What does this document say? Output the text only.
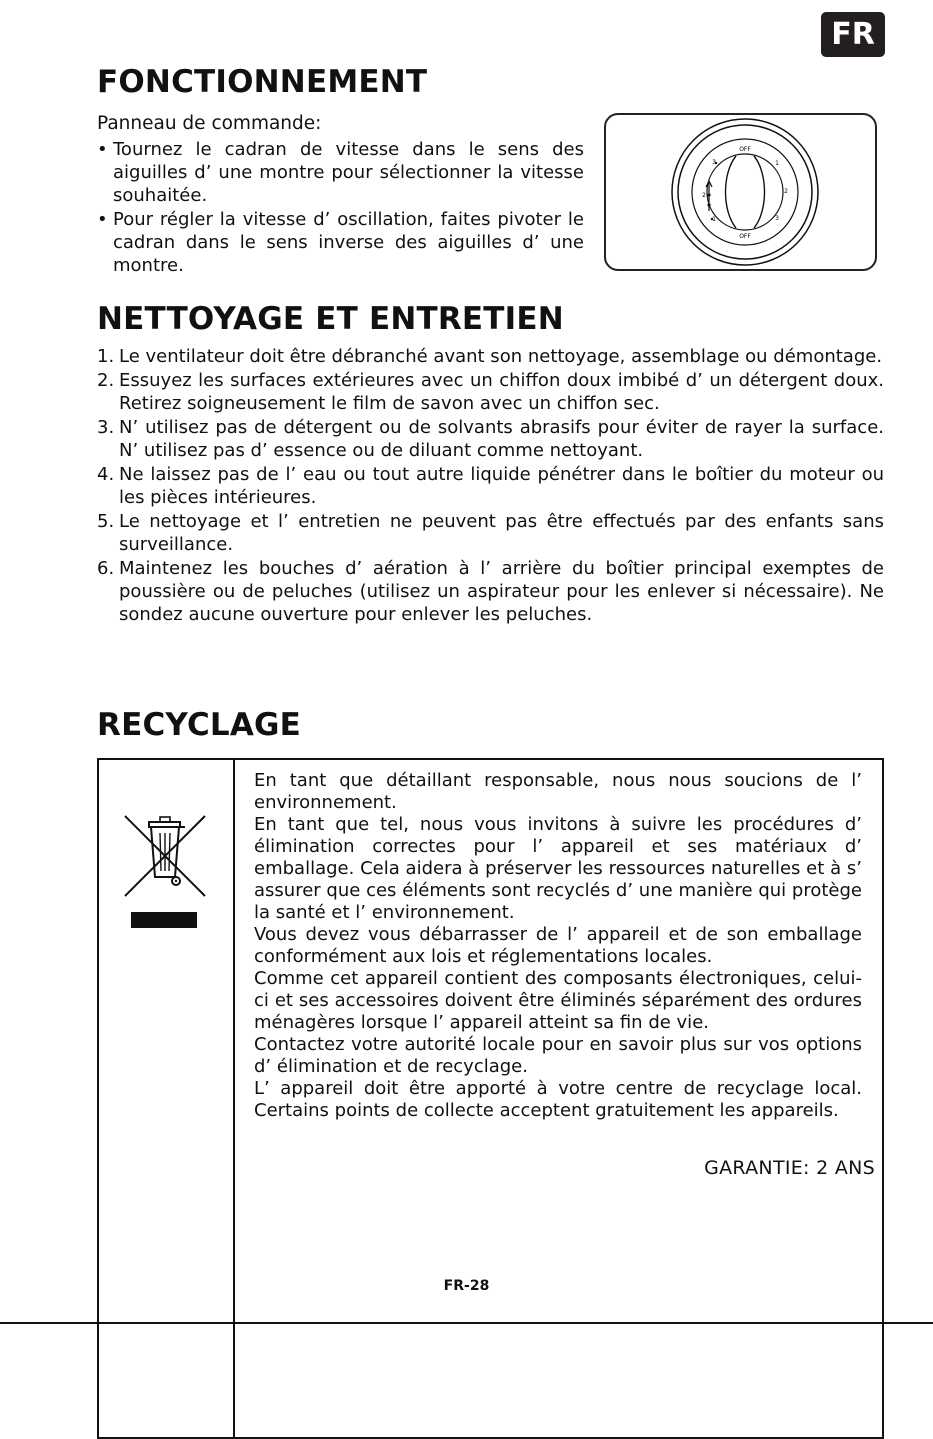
FR
FONCTIONNEMENT
Panneau de commande:
• Tournez le cadran de vitesse dans le sens des aiguilles d’ une montre pour sélectionner la vitesse souhaitée.
• Pour régler la vitesse d’ oscillation, faites pivoter le cadran dans le sens inverse des aiguilles d’ une montre.
OFF
OFF
1
2
3
3
2
1
NETTOYAGE ET ENTRETIEN
1. Le ventilateur doit être débranché avant son nettoyage, assemblage ou démontage.
2. Essuyez les surfaces extérieures avec un chiffon doux imbibé d’ un détergent doux. Retirez soigneusement le film de savon avec un chiffon sec.
3. N’ utilisez pas de détergent ou de solvants abrasifs pour éviter de rayer la surface. N’ utilisez pas d’ essence ou de diluant comme nettoyant.
4. Ne laissez pas de l’ eau ou tout autre liquide pénétrer dans le boîtier du moteur ou les pièces intérieures.
5. Le nettoyage et l’ entretien ne peuvent pas être effectués par des enfants sans surveillance.
6. Maintenez les bouches d’ aération à l’ arrière du boîtier principal exemptes de poussière ou de peluches (utilisez un aspirateur pour les enlever si nécessaire). Ne sondez aucune ouverture pour enlever les peluches.
RECYCLAGE

En tant que détaillant responsable, nous nous soucions de l’ environnement.

En tant que tel, nous vous invitons à suivre les procédures d’ élimination correctes pour l’ appareil et ses matériaux d’ emballage. Cela aidera à préserver les ressources naturelles et à s’ assurer que ces éléments sont recyclés d’ une manière qui protège la santé et l’ environnement.

Vous devez vous débarrasser de l’ appareil et de son emballage conformément aux lois et réglementations locales.

Comme cet appareil contient des composants électroniques, celui-ci et ses accessoires doivent être éliminés séparément des ordures ménagères lorsque l’ appareil atteint sa fin de vie.

Contactez votre autorité locale pour en savoir plus sur vos options d’ élimination et de recyclage.

L’ appareil doit être apporté à votre centre de recyclage local. Certains points de collecte acceptent gratuitement les appareils.

GARANTIE: 2 ANS
FR-28
